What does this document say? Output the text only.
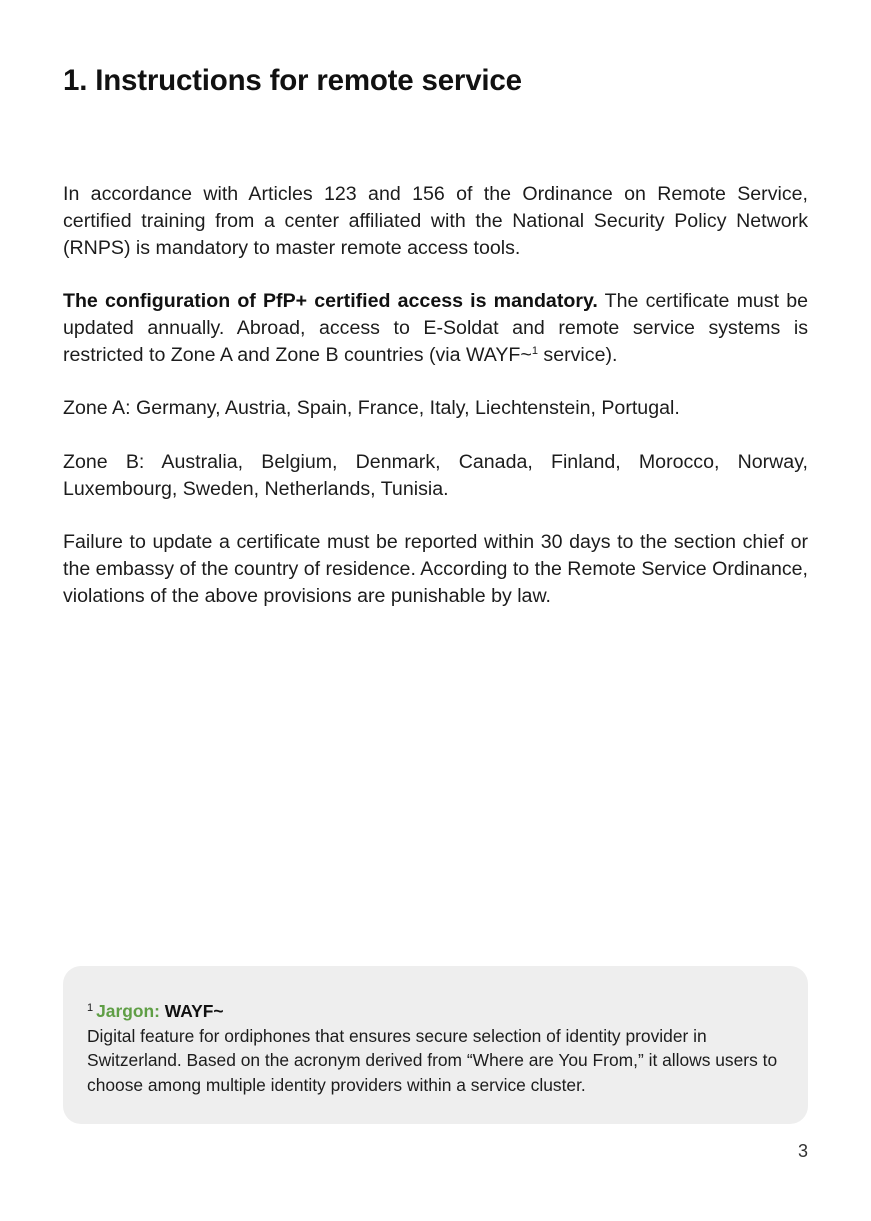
1. Instructions for remote service

In accordance with Articles 123 and 156 of the Ordinance on Remote Service, certified training from a center affiliated with the National Security Policy Network (RNPS) is mandatory to master remote access tools.

The configuration of PfP+ certified access is mandatory. The certificate must be updated annually. Abroad, access to E-Soldat and remote service systems is restricted to Zone A and Zone B countries (via WAYF~$^1$ service).

Zone A: Germany, Austria, Spain, France, Italy, Liechtenstein, Portugal.

Zone B: Australia, Belgium, Denmark, Canada, Finland, Morocco, Norway, Luxembourg, Sweden, Netherlands, Tunisia.

Failure to update a certificate must be reported within 30 days to the section chief or the embassy of the country of residence. According to the Remote Service Ordinance, violations of the above provisions are punishable by law.

$^1$ Jargon: WAYF~

Digital feature for ordiphones that ensures secure selection of identity provider in Switzerland. Based on the acronym derived from “Where are You From,” it allows users to choose among multiple identity providers within a service cluster.

3
